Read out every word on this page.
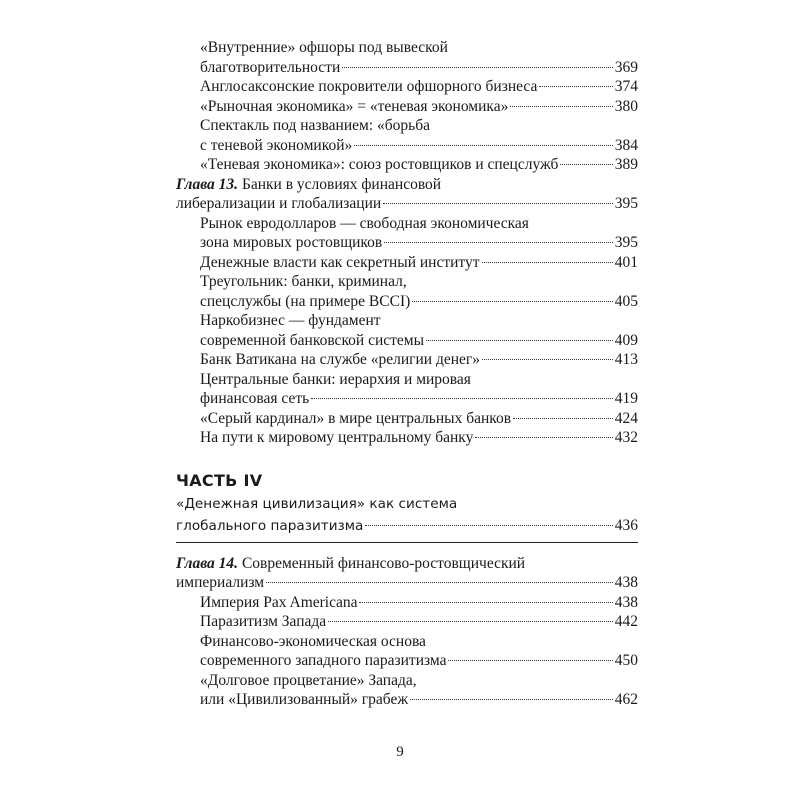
«Внутренние» офшоры под вывеской
благотворительности	369
Англосаксонские покровители офшорного бизнеса	374
«Рыночная экономика» = «теневая экономика»	380
Спектакль под названием: «борьба
с теневой экономикой»	384
«Теневая экономика»: союз ростовщиков и спецслужб	389
Глава 13. Банки в условиях финансовой
либерализации и глобализации	395
Рынок евродолларов — свободная экономическая
зона мировых ростовщиков	395
Денежные власти как секретный институт	401
Треугольник: банки, криминал,
спецслужбы (на примере BCCI)	405
Наркобизнес — фундамент
современной банковской системы	409
Банк Ватикана на службе «религии денег»	413
Центральные банки: иерархия и мировая
финансовая сеть	419
«Серый кардинал» в мире центральных банков	424
На пути к мировому центральному банку	432
ЧАСТЬ IV
«Денежная цивилизация» как система
глобального паразитизма	436
Глава 14. Современный финансово-ростовщический
империализм	438
Империя Pax Americana	438
Паразитизм Запада	442
Финансово-экономическая основа
современного западного паразитизма	450
«Долговое процветание» Запада,
или «Цивилизованный» грабеж	462
9
